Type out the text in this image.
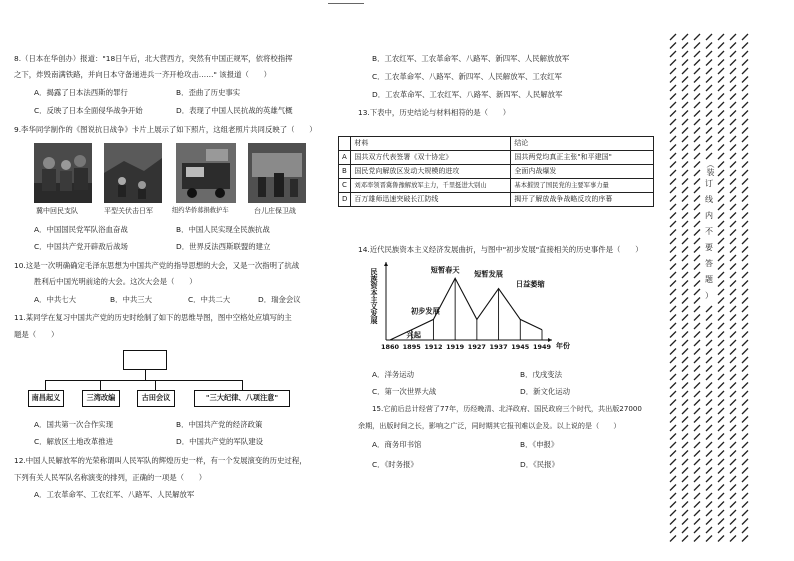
8.（日本在华创办）报道："18日午后，北大营西方，突然有中国正规军，依将校指挥
之下，炸毁南满铁路，并向日本守备递进兵一齐开枪攻击……" 该报道（　　）
A．揭露了日本法西斯的罪行	B．歪曲了历史事实
C．反映了日本全面侵华战争开始	D．表现了中国人民抗战的英雄气概
9.李华同学制作的《图说抗日战争》卡片上展示了如下照片，这组老照片共同反映了（　　）
冀中回民支队	平型关伏击日军	纽约华侨募捐救护车	台儿庄保卫战
A．中国国民党军队浴血奋战	B．中国人民实现全民族抗战
C．中国共产党开辟敌后战场	D．世界反法西斯联盟的建立
10.这是一次明确确定毛泽东思想为中国共产党的指导思想的大会，又是一次指明了抗战
胜利后中国光明前途的大会。这次大会是（　　）
A．中共七大	B．中共三大	C．中共二大	D．瑞金会议
11.某同学在复习中国共产党的历史时绘制了如下的思维导图，图中空格处应填写的主
题是（　　）
南昌起义	三湾改编	古田会议	"三大纪律、八项注意"
A．国共第一次合作实现	B．中国共产党的经济政策
C．解放区土地改革推进	D．中国共产党的军队建设
12.中国人民解放军的光荣称谓叫人民军队的辉煌历史一样，有一个发展演变的历史过程，
下列有关人民军队名称演变的排列，正确的一项是（　　）
A．工农革命军、工农红军、八路军、人民解放军
B．工农红军、工农革命军、八路军、新四军、人民解放放军
C．工农革命军、八路军、新四军、人民解放军、工农红军
D．工农革命军、工农红军、八路军、新四军、人民解放军
13.下表中，历史结论与材料相符的是（　　）
	材料	结论
A	国共双方代表签署《双十协定》	国共两党均真正主张"和平建国"
B	国民党向解放区发动大规模的进攻	全面内战爆发
C	刘邓率领晋冀鲁豫解放军主力，千里挺进大别山	基本摧毁了国民党的主要军事力量
D	百万雄师迅速突破长江防线	揭开了解放战争战略反攻的序幕
14.近代民族资本主义经济发展曲折，与图中"初步发展"直接相关的历史事件是（　　）
1860 1895 1912 1919 1927 1937 1945 1949 年份
民族资本主义发展
兴起
初步发展
短暂春天 短暂发展
日益萎缩
A．洋务运动	B．戊戌变法
C．第一次世界大战	D．新文化运动
15.它前后总计经营了77年，历经晚清、北洋政府、国民政府三个时代，共出版27000
余期，出版时间之长，影响之广泛，同时期其它报刊难以企及。以上说的是（　　）
A．商务印书馆	B．《申报》
C．《时务报》	D．《民报》
（装
订
线
内
不
要
答
题
）
